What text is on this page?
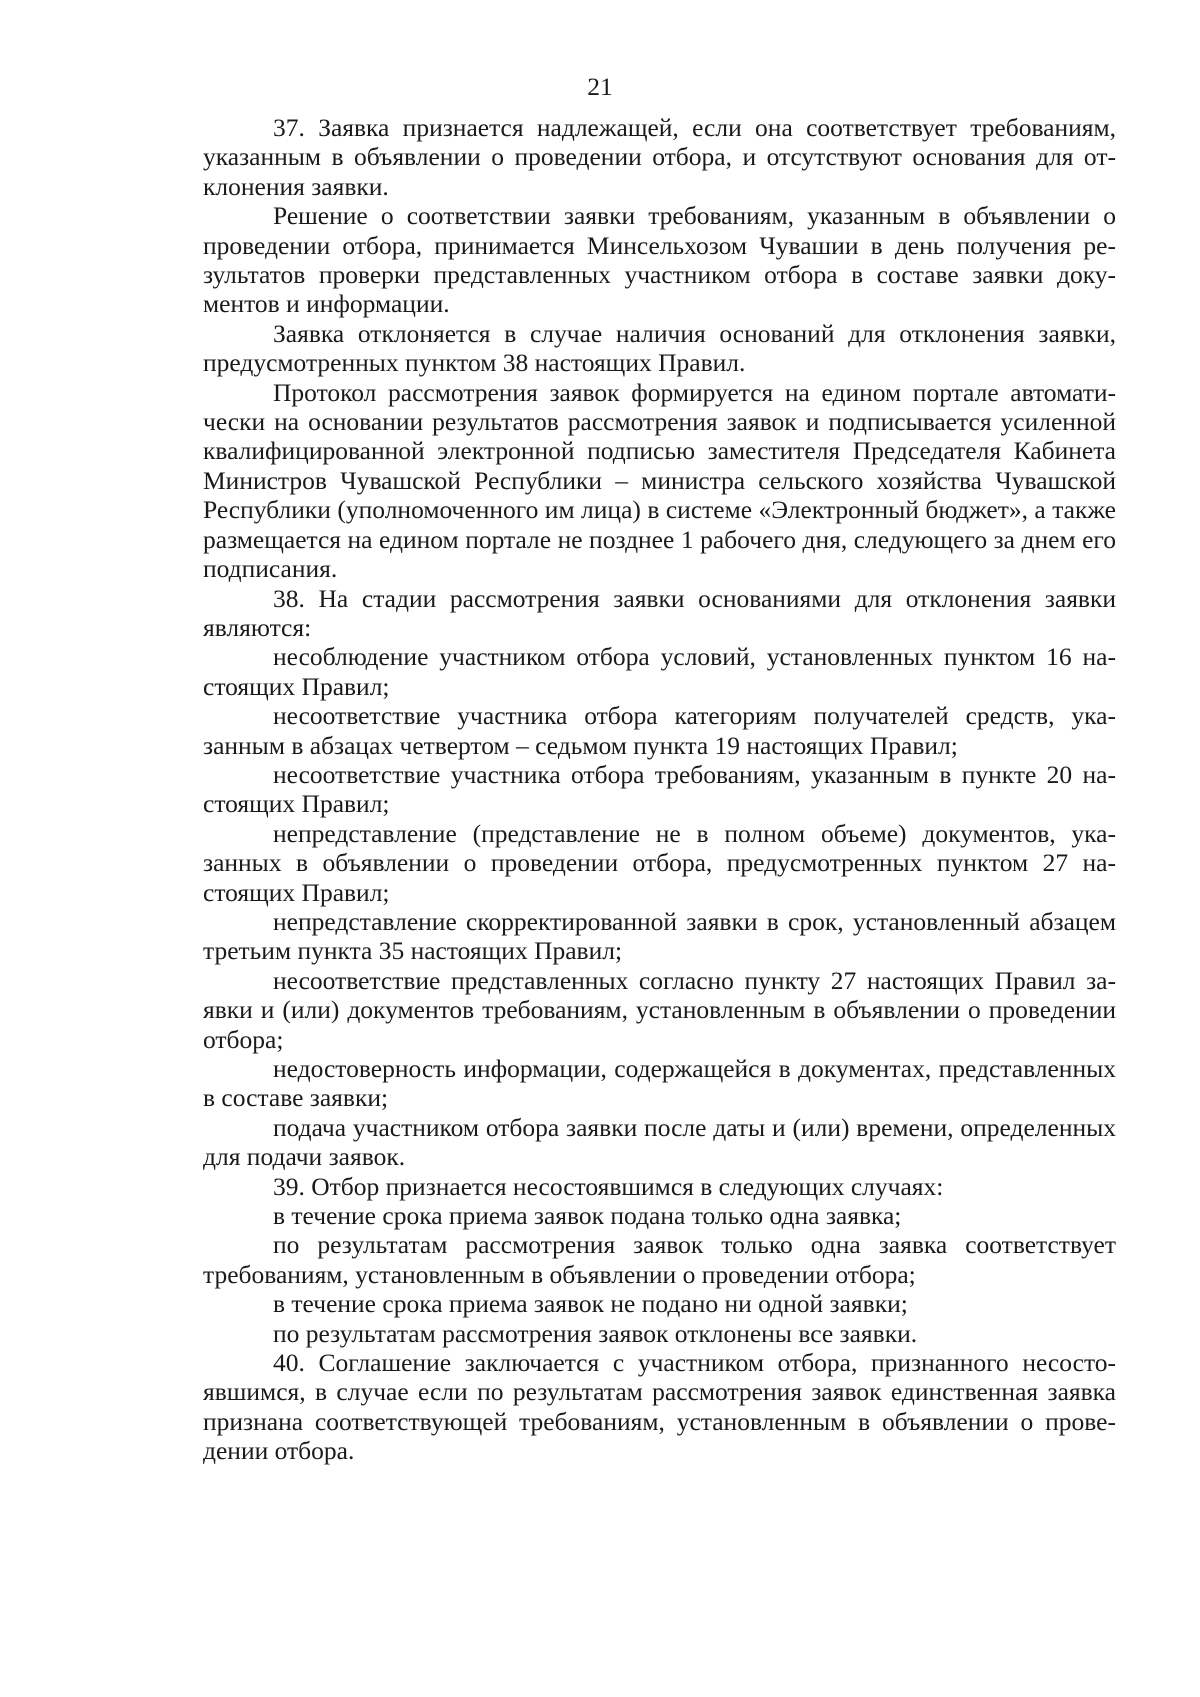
21

37. Заявка признается надлежащей, если она соответствует требованиям, указанным в объявлении о проведении отбора, и отсутствуют основания для отклонения заявки.

Решение о соответствии заявки требованиям, указанным в объявлении о проведении отбора, принимается Минсельхозом Чувашии в день получения результатов проверки представленных участником отбора в составе заявки документов и информации.

Заявка отклоняется в случае наличия оснований для отклонения заявки, предусмотренных пунктом 38 настоящих Правил.

Протокол рассмотрения заявок формируется на едином портале автоматически на основании результатов рассмотрения заявок и подписывается усиленной квалифицированной электронной подписью заместителя Председателя Кабинета Министров Чувашской Республики – министра сельского хозяйства Чувашской Республики (уполномоченного им лица) в системе «Электронный бюджет», а также размещается на едином портале не позднее 1 рабочего дня, следующего за днем его подписания.

38. На стадии рассмотрения заявки основаниями для отклонения заявки являются:

несоблюдение участником отбора условий, установленных пунктом 16 настоящих Правил;

несоответствие участника отбора категориям получателей средств, указанным в абзацах четвертом – седьмом пункта 19 настоящих Правил;

несоответствие участника отбора требованиям, указанным в пункте 20 настоящих Правил;

непредставление (представление не в полном объеме) документов, указанных в объявлении о проведении отбора, предусмотренных пунктом 27 настоящих Правил;

непредставление скорректированной заявки в срок, установленный абзацем третьим пункта 35 настоящих Правил;

несоответствие представленных согласно пункту 27 настоящих Правил заявки и (или) документов требованиям, установленным в объявлении о проведении отбора;

недостоверность информации, содержащейся в документах, представленных в составе заявки;

подача участником отбора заявки после даты и (или) времени, определенных для подачи заявок.

39. Отбор признается несостоявшимся в следующих случаях:

в течение срока приема заявок подана только одна заявка;

по результатам рассмотрения заявок только одна заявка соответствует требованиям, установленным в объявлении о проведении отбора;

в течение срока приема заявок не подано ни одной заявки;

по результатам рассмотрения заявок отклонены все заявки.

40. Соглашение заключается с участником отбора, признанного несостоявшимся, в случае если по результатам рассмотрения заявок единственная заявка признана соответствующей требованиям, установленным в объявлении о проведении отбора.
